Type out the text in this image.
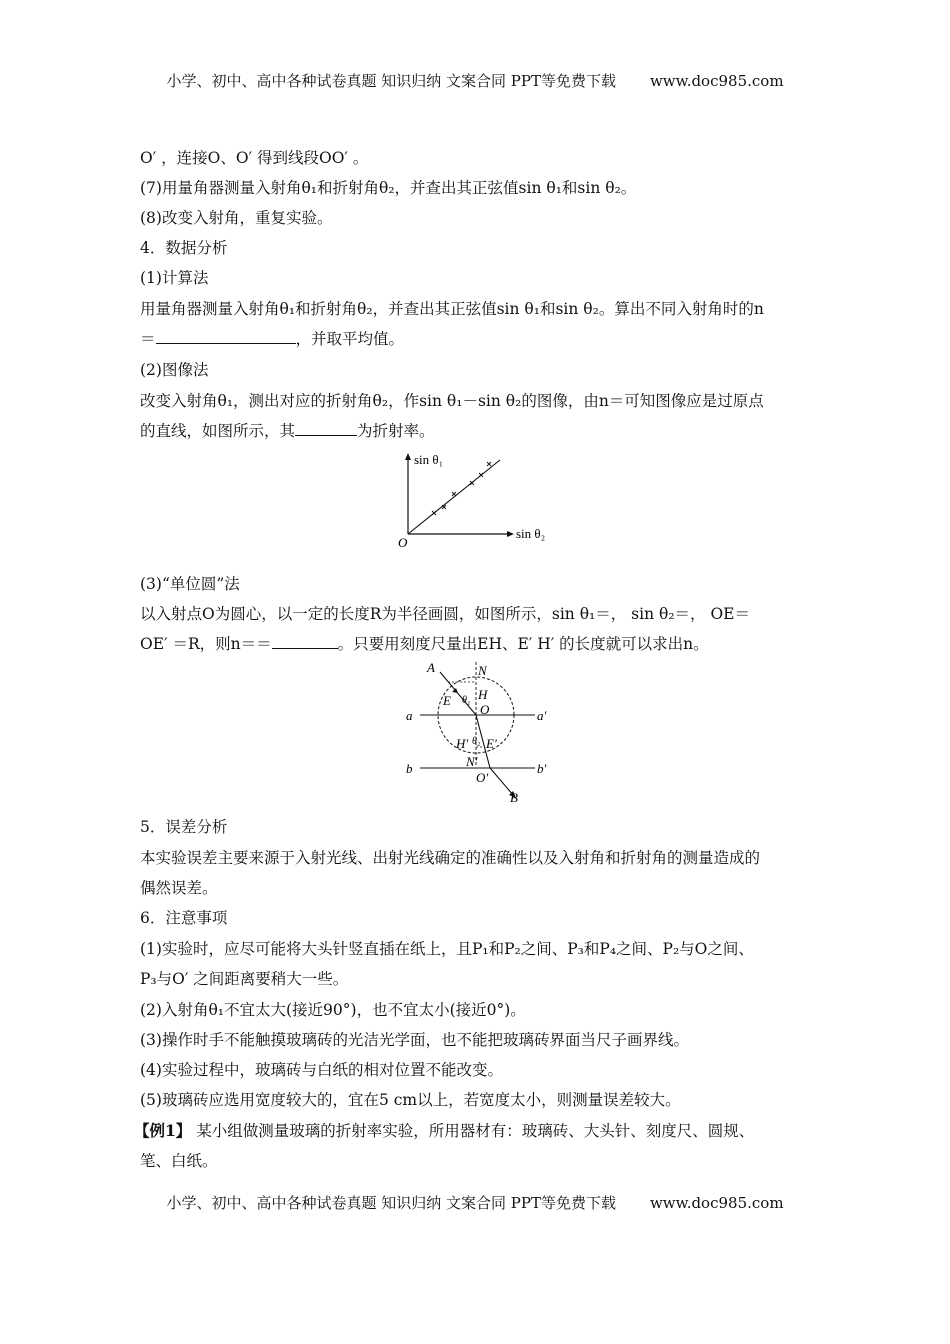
小学、初中、高中各种试卷真题 知识归纳 文案合同 PPT等免费下载 www.doc985.com
O′ ，连接O、O′ 得到线段OO′ 。
(7)用量角器测量入射角θ₁和折射角θ₂，并查出其正弦值sin θ₁和sin θ₂。
(8)改变入射角，重复实验。
4．数据分析
(1)计算法
用量角器测量入射角θ₁和折射角θ₂，并查出其正弦值sin θ₁和sin θ₂。算出不同入射角时的n
＝	，并取平均值。
(2)图像法
改变入射角θ₁，测出对应的折射角θ₂，作sin θ₁－sin θ₂的图像，由n＝可知图像应是过原点
的直线，如图所示，其	为折射率。
sin θ₁
sin θ₂
O
(3)“单位圆”法
以入射点O为圆心，以一定的长度R为半径画圆，如图所示，sin θ₁＝， sin θ₂＝， OE＝
OE′ ＝R，则n＝＝	。只要用刻度尺量出EH、E′ H′ 的长度就可以求出n。
A	N
H
E
O
θ₁
a	a′
θ₂
H′ E′
N′
b	b′
O′
B
5．误差分析
本实验误差主要来源于入射光线、出射光线确定的准确性以及入射角和折射角的测量造成的
偶然误差。
6．注意事项
(1)实验时，应尽可能将大头针竖直插在纸上，且P₁和P₂之间、P₃和P₄之间、P₂与O之间、
P₃与O′ 之间距离要稍大一些。
(2)入射角θ₁不宜太大(接近90°)，也不宜太小(接近0°)。
(3)操作时手不能触摸玻璃砖的光洁光学面，也不能把玻璃砖界面当尺子画界线。
(4)实验过程中，玻璃砖与白纸的相对位置不能改变。
(5)玻璃砖应选用宽度较大的，宜在5 cm以上，若宽度太小，则测量误差较大。
【例1】 某小组做测量玻璃的折射率实验，所用器材有：玻璃砖、大头针、刻度尺、圆规、
笔、白纸。
小学、初中、高中各种试卷真题 知识归纳 文案合同 PPT等免费下载 www.doc985.com
